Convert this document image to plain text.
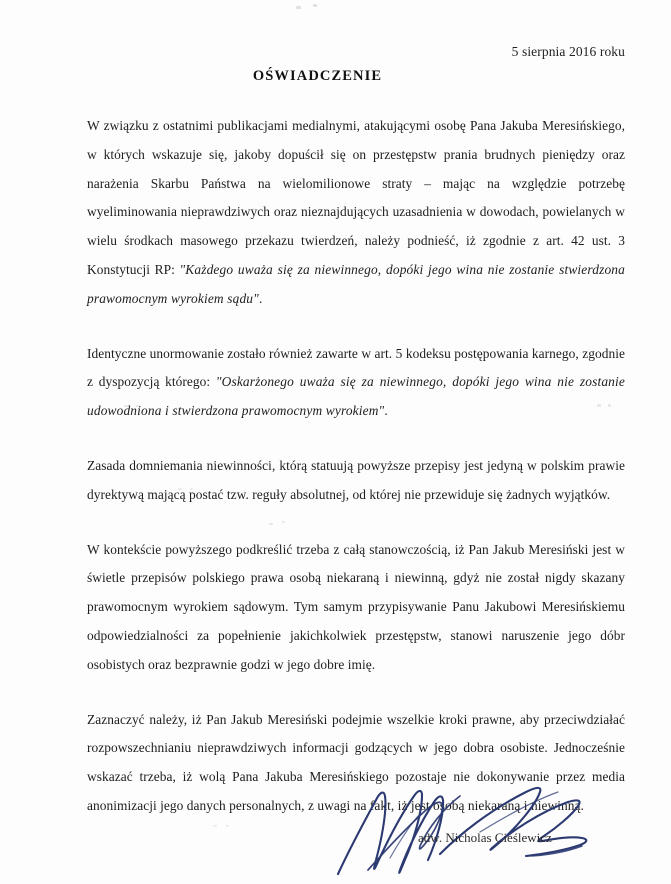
5 sierpnia 2016 roku
OŚWIADCZENIE

W związku z ostatnimi publikacjami medialnymi, atakującymi osobę Pana Jakuba Meresińskiego, w których wskazuje się, jakoby dopuścił się on przestępstw prania brudnych pieniędzy oraz narażenia Skarbu Państwa na wielomilionowe straty – mając na względzie potrzebę wyeliminowania nieprawdziwych oraz nieznajdujących uzasadnienia w dowodach, powielanych w wielu środkach masowego przekazu twierdzeń, należy podnieść, iż zgodnie z art. 42 ust. 3 Konstytucji RP: "Każdego uważa się za niewinnego, dopóki jego wina nie zostanie stwierdzona prawomocnym wyrokiem sądu".

Identyczne unormowanie zostało również zawarte w art. 5 kodeksu postępowania karnego, zgodnie z dyspozycją którego: "Oskarżonego uważa się za niewinnego, dopóki jego wina nie zostanie udowodniona i stwierdzona prawomocnym wyrokiem".

Zasada domniemania niewinności, którą statuują powyższe przepisy jest jedyną w polskim prawie dyrektywą mającą postać tzw. reguły absolutnej, od której nie przewiduje się żadnych wyjątków.

W kontekście powyższego podkreślić trzeba z całą stanowczością, iż Pan Jakub Meresiński jest w świetle przepisów polskiego prawa osobą niekaraną i niewinną, gdyż nie został nigdy skazany prawomocnym wyrokiem sądowym. Tym samym przypisywanie Panu Jakubowi Meresińskiemu odpowiedzialności za popełnienie jakichkolwiek przestępstw, stanowi naruszenie jego dóbr osobistych oraz bezprawnie godzi w jego dobre imię.

Zaznaczyć należy, iż Pan Jakub Meresiński podejmie wszelkie kroki prawne, aby przeciwdziałać rozpowszechnianiu nieprawdziwych informacji godzących w jego dobra osobiste. Jednocześnie wskazać trzeba, iż wolą Pana Jakuba Meresińskiego pozostaje nie dokonywanie przez media anonimizacji jego danych personalnych, z uwagi na fakt, iż jest osobą niekaraną i niewinną.

adw. Nicholas Cieślewicz
